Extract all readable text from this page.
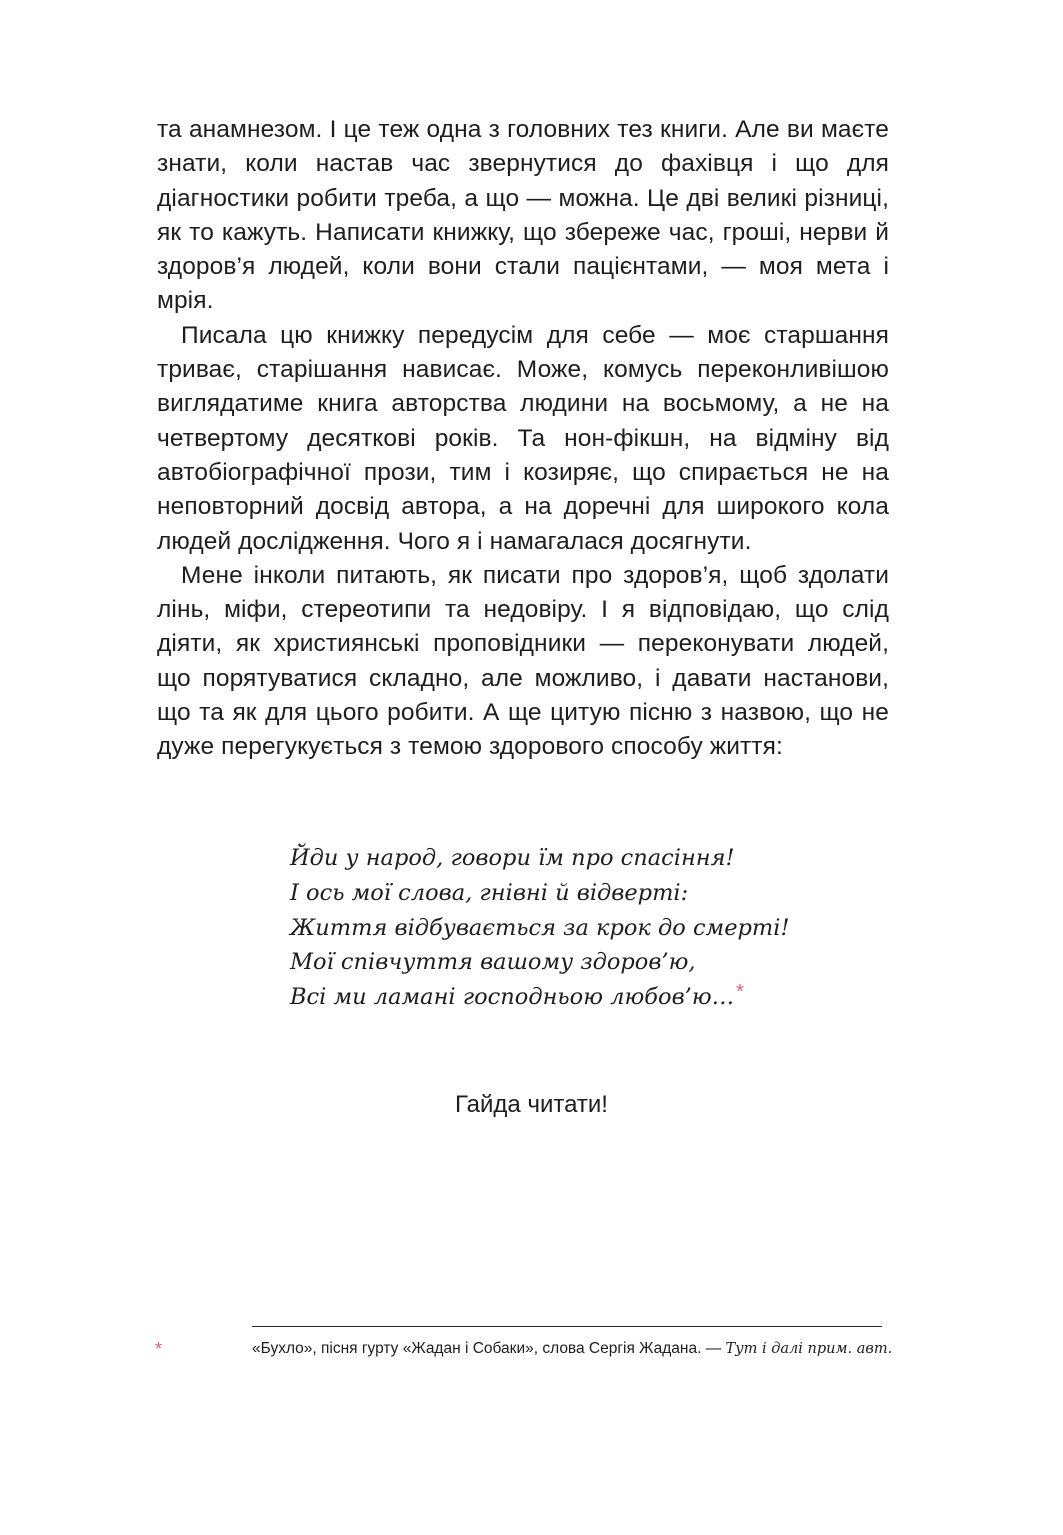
та анамнезом. І це теж одна з головних тез книги. Але ви маєте знати, коли настав час звернутися до фахівця і що для діагностики робити треба, а що — можна. Це дві великі різниці, як то кажуть. Написати книжку, що збереже час, гроші, нерви й здоров’я людей, коли вони стали пацієнтами, — моя мета і мрія.

Писала цю книжку передусім для себе — моє старшання триває, старішання нависає. Може, комусь переконливішою виглядатиме книга авторства людини на восьмому, а не на четвертому десяткові років. Та нон-фікшн, на відміну від автобіографічної прози, тим і козиряє, що спирається не на неповторний досвід автора, а на доречні для широкого кола людей дослідження. Чого я і намагалася досягнути.

Мене інколи питають, як писати про здоров’я, щоб здолати лінь, міфи, стереотипи та недовіру. І я відповідаю, що слід діяти, як християнські проповідники — переконувати людей, що порятуватися складно, але можливо, і давати настанови, що та як для цього робити. А ще цитую пісню з назвою, що не дуже перегукується з темою здорового способу життя:

Йди у народ, говори їм про спасіння!
І ось мої слова, гнівні й відверті:
Життя відбувається за крок до смерті!
Мої співчуття вашому здоров’ю,
Всі ми ламані господньою любов’ю… *
Гайда читати!
*	«Бухло», пісня гурту «Жадан і Собаки», слова Сергія Жадана. — Тут і далі прим. авт.
